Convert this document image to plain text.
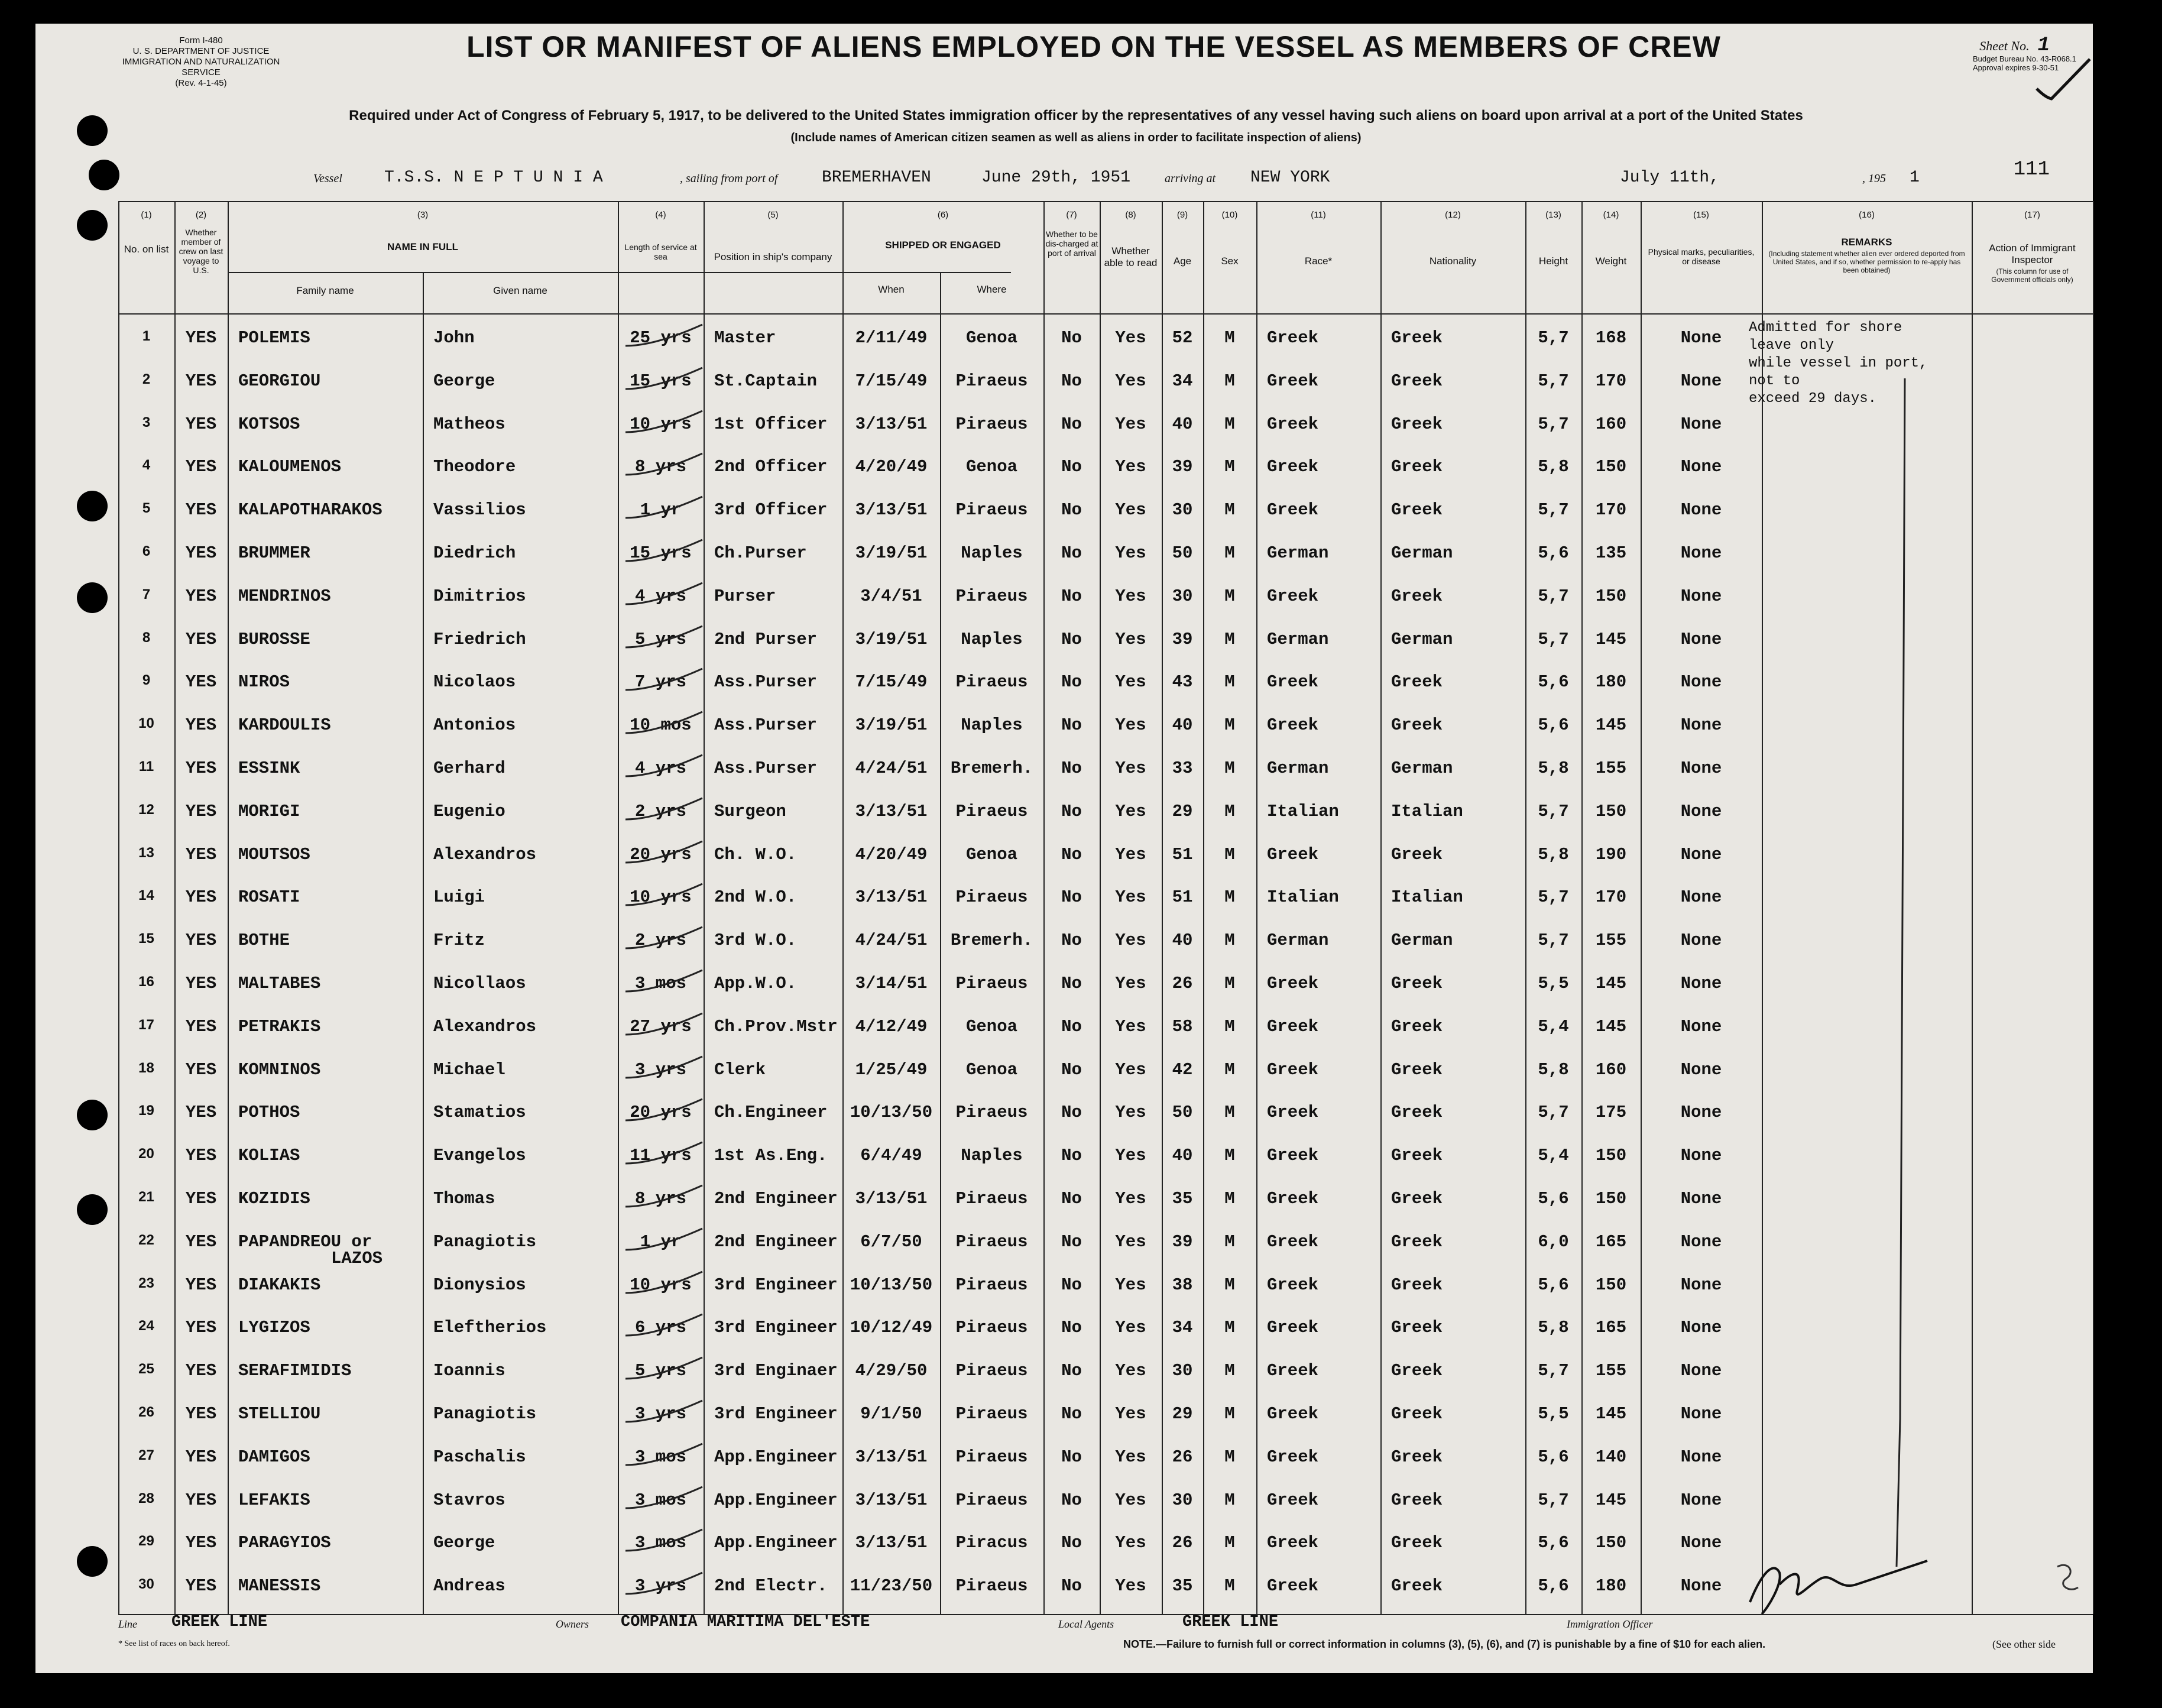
Form I-480
U. S. DEPARTMENT OF JUSTICE
IMMIGRATION AND NATURALIZATION SERVICE
(Rev. 4-1-45)
LIST OR MANIFEST OF ALIENS EMPLOYED ON THE VESSEL AS MEMBERS OF CREW	Sheet No. 1
Budget Bureau No. 43-R068.1
Approval expires 9-30-51
Required under Act of Congress of February 5, 1917, to be delivered to the United States immigration officer by the representatives of any vessel having such aliens on board upon arrival at a port of the United States
(Include names of American citizen seamen as well as aliens in order to facilitate inspection of aliens)
111
Vessel	T.S.S. N E P T U N I A	, sailing from port of	BREMERHAVEN	June 29th, 1951	arriving at NEW YORK	July 11th,	, 195 1
(1)	(2)	(3)	(4)	(5)	(6)	(7)	(8)	(9)	(10)	(11)	(12)	(13)	(14)	(15)	(16)	(17)
No. on list
Whether member of crew on last voyage to U.S.
NAME IN FULL
Family name	Given name
Length of service at sea	Position in ship's company
SHIPPED OR ENGAGED
When	Where
Whether to be dis-charged at port of arrival	Whether able to read	Age	Sex	Race*	Nationality	Height	Weight
Physical marks, peculiarities, or disease
REMARKS
(Including statement whether alien ever ordered deported from United States, and if so, whether permission to re-apply has been obtained)
Action of Immigrant Inspector
(This column for use of Government officials only)
1	YES	POLEMIS	John	25 yrs	Master	2/11/49	Genoa	No	Yes	52	M	Greek	Greek	5,7	168	None
2	YES	GEORGIOU	George	15 yrs	St.Captain	7/15/49	Piraeus	No	Yes	34	M	Greek	Greek	5,7	170	None
3	YES	KOTSOS	Matheos	10 yrs	1st Officer	3/13/51	Piraeus	No	Yes	40	M	Greek	Greek	5,7	160	None
4	YES	KALOUMENOS	Theodore	8 yrs	2nd Officer	4/20/49	Genoa	No	Yes	39	M	Greek	Greek	5,8	150	None
5	YES	KALAPOTHARAKOS	Vassilios	1 yr	3rd Officer	3/13/51	Piraeus	No	Yes	30	M	Greek	Greek	5,7	170	None
6	YES	BRUMMER	Diedrich	15 yrs	Ch.Purser	3/19/51	Naples	No	Yes	50	M	German	German	5,6	135	None
7	YES	MENDRINOS	Dimitrios	4 yrs	Purser	3/4/51	Piraeus	No	Yes	30	M	Greek	Greek	5,7	150	None
8	YES	BUROSSE	Friedrich	5 yrs	2nd Purser	3/19/51	Naples	No	Yes	39	M	German	German	5,7	145	None
9	YES	NIROS	Nicolaos	7 yrs	Ass.Purser	7/15/49	Piraeus	No	Yes	43	M	Greek	Greek	5,6	180	None
10	YES	KARDOULIS	Antonios	10 mos	Ass.Purser	3/19/51	Naples	No	Yes	40	M	Greek	Greek	5,6	145	None
11	YES	ESSINK	Gerhard	4 yrs	Ass.Purser	4/24/51	Bremerh.	No	Yes	33	M	German	German	5,8	155	None
12	YES	MORIGI	Eugenio	2 yrs	Surgeon	3/13/51	Piraeus	No	Yes	29	M	Italian	Italian	5,7	150	None
13	YES	MOUTSOS	Alexandros	20 yrs	Ch. W.O.	4/20/49	Genoa	No	Yes	51	M	Greek	Greek	5,8	190	None
14	YES	ROSATI	Luigi	10 yrs	2nd W.O.	3/13/51	Piraeus	No	Yes	51	M	Italian	Italian	5,7	170	None
15	YES	BOTHE	Fritz	2 yrs	3rd W.O.	4/24/51	Bremerh.	No	Yes	40	M	German	German	5,7	155	None
16	YES	MALTABES	Nicollaos	3 mos	App.W.O.	3/14/51	Piraeus	No	Yes	26	M	Greek	Greek	5,5	145	None
17	YES	PETRAKIS	Alexandros	27 yrs	Ch.Prov.Mstr	4/12/49	Genoa	No	Yes	58	M	Greek	Greek	5,4	145	None
18	YES	KOMNINOS	Michael	3 yrs	Clerk	1/25/49	Genoa	No	Yes	42	M	Greek	Greek	5,8	160	None
19	YES	POTHOS	Stamatios	20 yrs	Ch.Engineer	10/13/50	Piraeus	No	Yes	50	M	Greek	Greek	5,7	175	None
20	YES	KOLIAS	Evangelos	11 yrs	1st As.Eng.	6/4/49	Naples	No	Yes	40	M	Greek	Greek	5,4	150	None
21	YES	KOZIDIS	Thomas	8 yrs	2nd Engineer	3/13/51	Piraeus	No	Yes	35	M	Greek	Greek	5,6	150	None
22	YES	PAPANDREOU or	Panagiotis	1 yr	2nd Engineer	6/7/50	Piraeus	No	Yes	39	M	Greek	Greek	6,0	165	None
LAZOS
23	YES	DIAKAKIS	Dionysios	10 yrs	3rd Engineer 10/13/50	Piraeus	No	Yes	38	M	Greek	Greek	5,6	150	None
24	YES	LYGIZOS	Eleftherios	6 yrs	3rd Engineer 10/12/49	Piraeus	No	Yes	34	M	Greek	Greek	5,8	165	None
25	YES	SERAFIMIDIS	Ioannis	5 yrs	3rd Enginaer	4/29/50	Piraeus	No	Yes	30	M	Greek	Greek	5,7	155	None
26	YES	STELLIOU	Panagiotis	3 yrs	3rd Engineer	9/1/50	Piraeus	No	Yes	29	M	Greek	Greek	5,5	145	None
27	YES	DAMIGOS	Paschalis	3 mos	App.Engineer	3/13/51	Piraeus	No	Yes	26	M	Greek	Greek	5,6	140	None
28	YES	LEFAKIS	Stavros	3 mos	App.Engineer	3/13/51	Piraeus	No	Yes	30	M	Greek	Greek	5,7	145	None
29	YES	PARAGYIOS	George	3 mos	App.Engineer	3/13/51	Piracus	No	Yes	26	M	Greek	Greek	5,6	150	None
30	YES	MANESSIS	Andreas	3 yrs	2nd Electr.	11/23/50	Piraeus	No	Yes	35	M	Greek	Greek	5,6	180	None
Admitted for shore leave only
while vessel in port, not to
exceed 29 days.
Line GREEK LINE	Owners COMPANIA MARITIMA DEL'ESTE	Local Agents	GREEK LINE	Immigration Officer
* See list of races on back hereof.	NOTE.—Failure to furnish full or correct information in columns (3), (5), (6), and (7) is punishable by a fine of $10 for each alien.	(See other side
